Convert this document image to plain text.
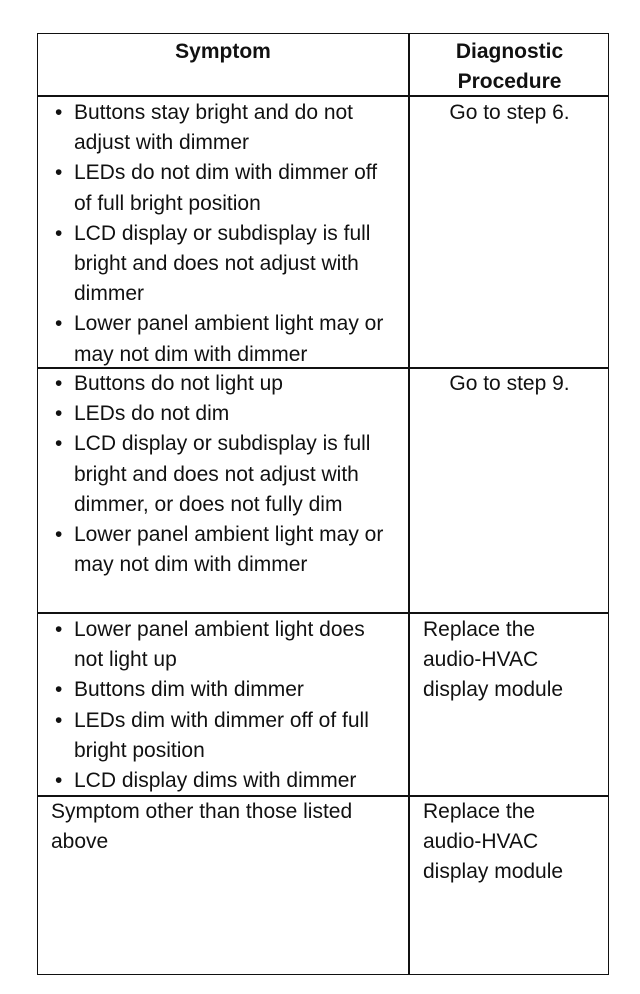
Symptom	Diagnostic
Procedure
• Buttons stay bright and do not adjust with dimmer
• LEDs do not dim with dimmer off of full bright position
• LCD display or subdisplay is full bright and does not adjust with dimmer
• Lower panel ambient light may or may not dim with dimmer
Go to step 6.
• Buttons do not light up
• LEDs do not dim
• LCD display or subdisplay is full bright and does not adjust with dimmer, or does not fully dim
• Lower panel ambient light may or may not dim with dimmer
Go to step 9.
• Lower panel ambient light does not light up
• Buttons dim with dimmer
• LEDs dim with dimmer off of full bright position
• LCD display dims with dimmer
Replace the audio-HVAC display module
Symptom other than those listed above
Replace the audio-HVAC display module
